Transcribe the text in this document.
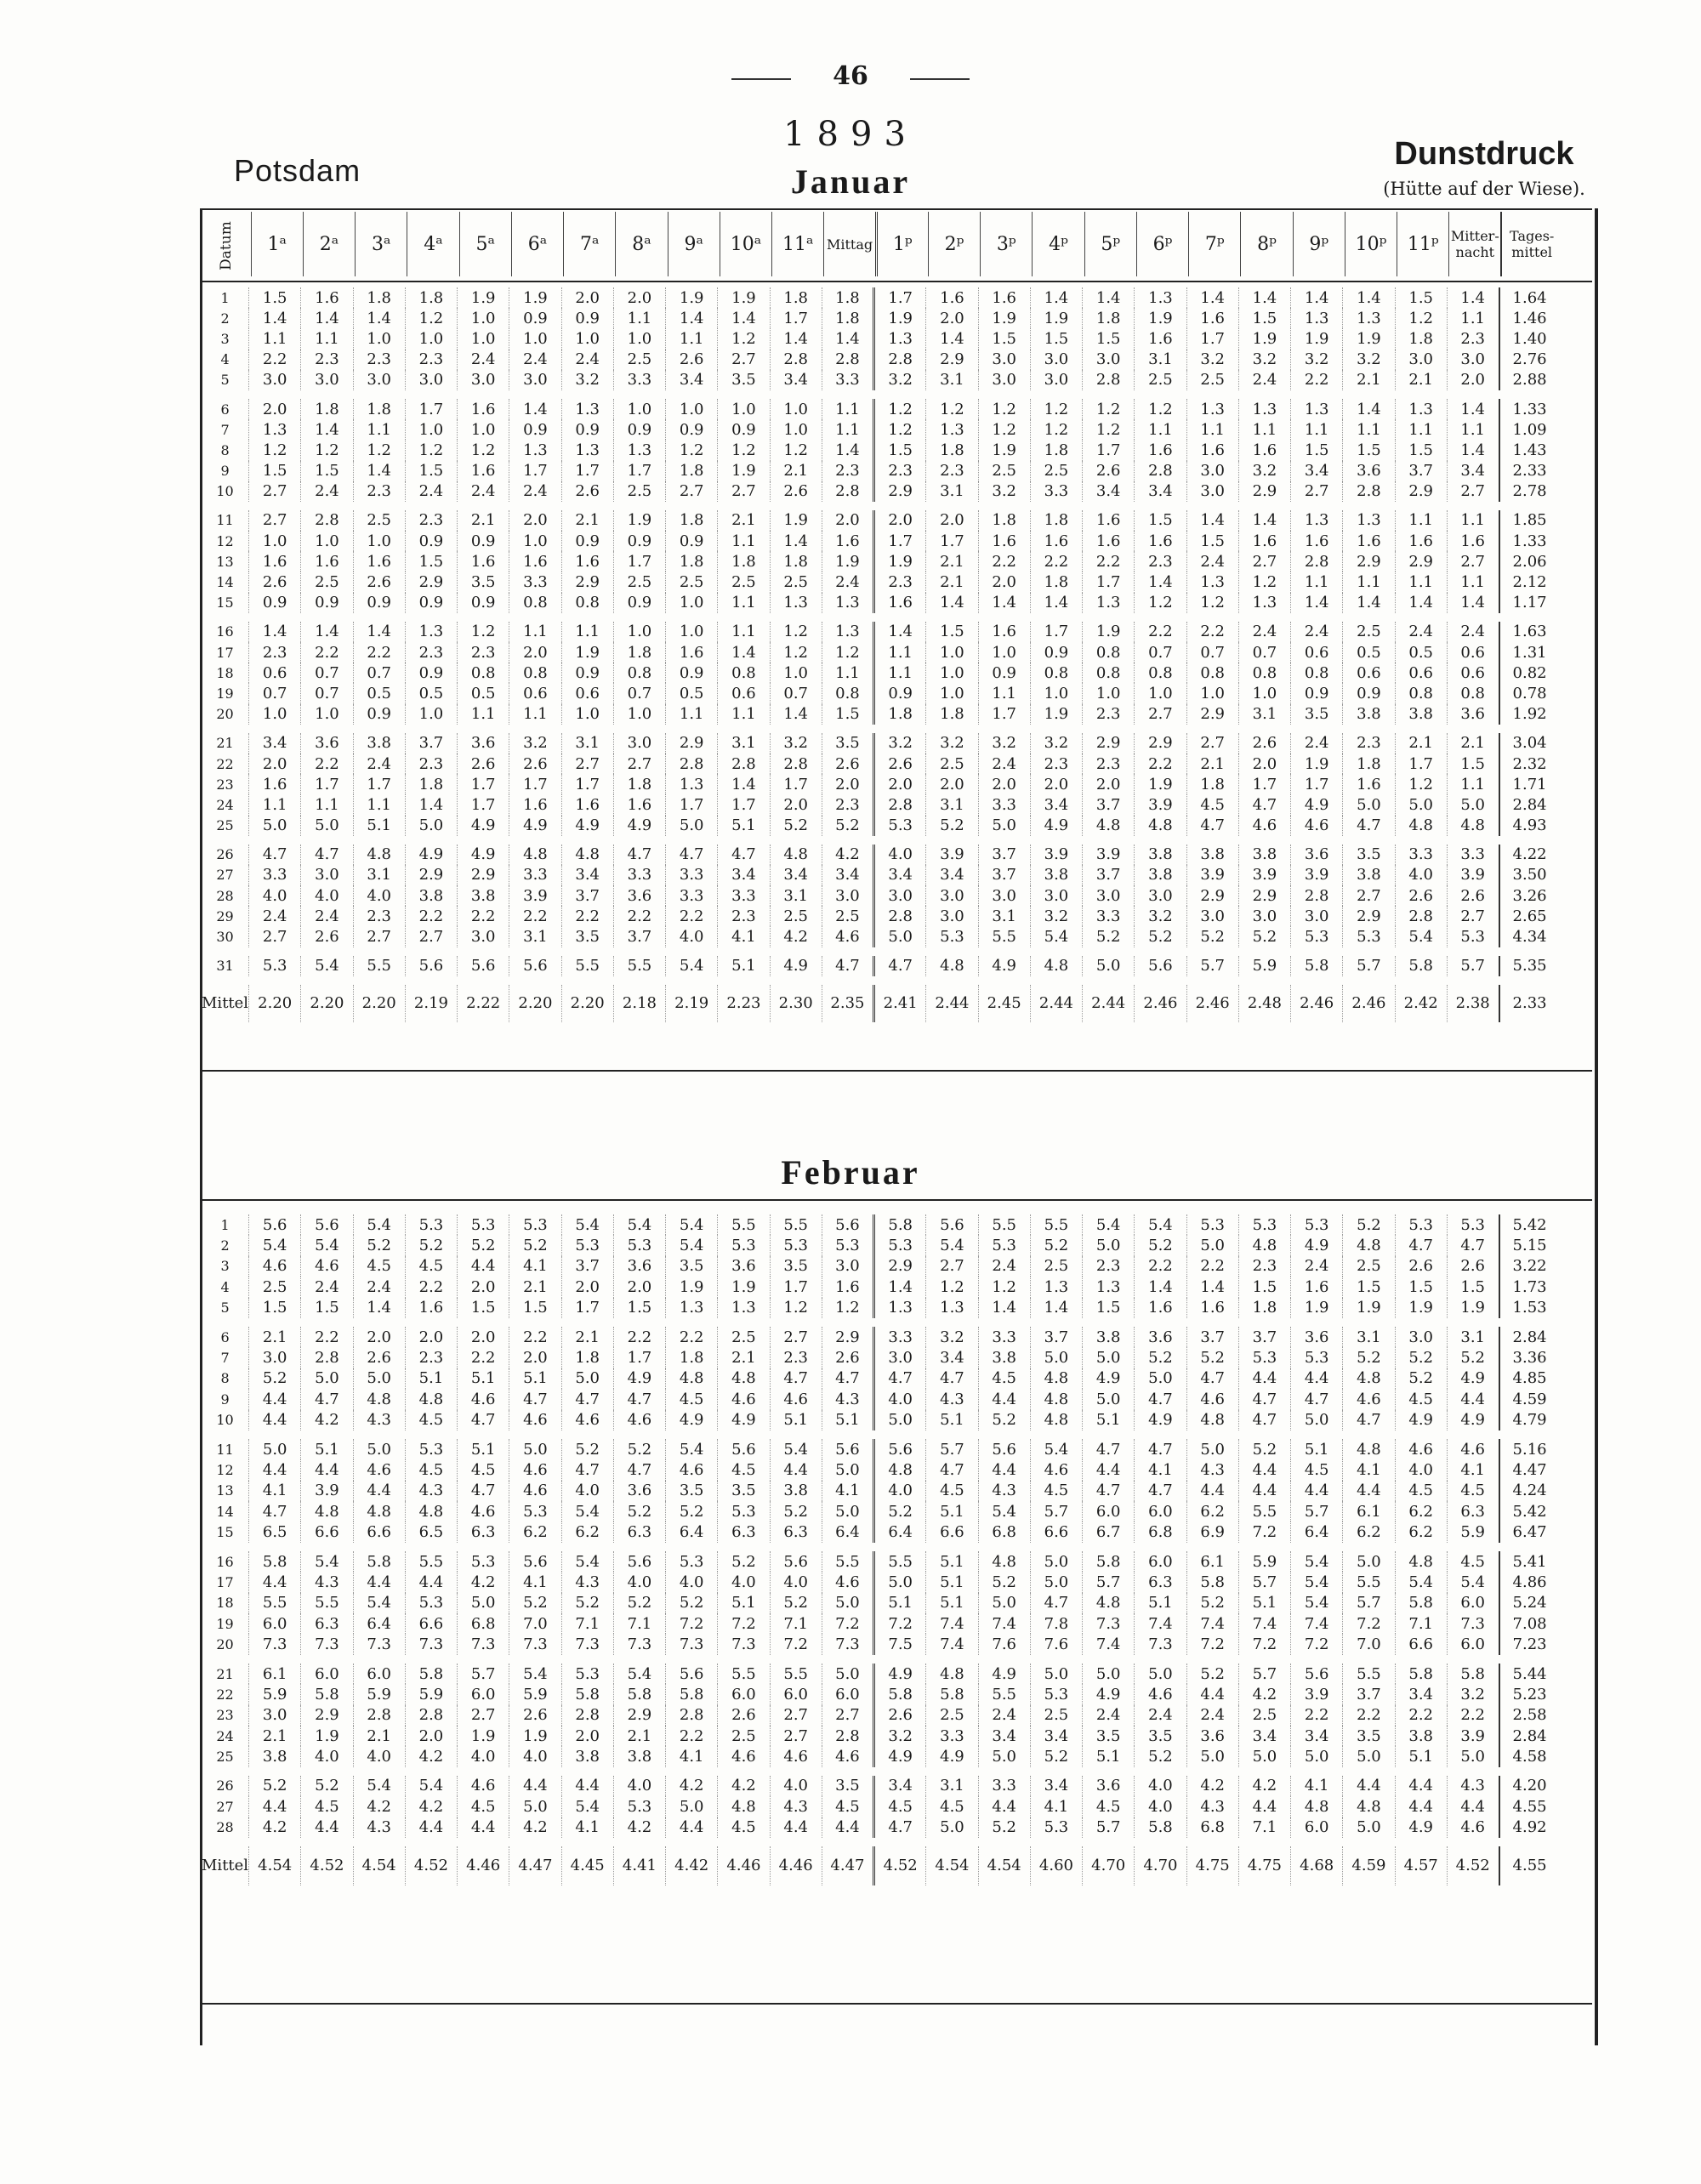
46
1893
Potsdam	Dunstdruck
(Hütte auf der Wiese).
Januar
Februar
Datum	1ᵃ	2ᵃ	3ᵃ	4ᵃ	5ᵃ	6ᵃ	7ᵃ	8ᵃ	9ᵃ	10ᵃ	11ᵃ	Mittag	1ᵖ	2ᵖ	3ᵖ	4ᵖ	5ᵖ	6ᵖ	7ᵖ	8ᵖ	9ᵖ	10ᵖ	11ᵖ	Mitter-nacht	Tages-mittel
1	1.5	1.6	1.8	1.8	1.9	1.9	2.0	2.0	1.9	1.9	1.8	1.8	1.7	1.6	1.6	1.4	1.4	1.3	1.4	1.4	1.4	1.4	1.5	1.4	1.64
2	1.4	1.4	1.4	1.2	1.0	0.9	0.9	1.1	1.4	1.4	1.7	1.8	1.9	2.0	1.9	1.9	1.8	1.9	1.6	1.5	1.3	1.3	1.2	1.1	1.46
3	1.1	1.1	1.0	1.0	1.0	1.0	1.0	1.0	1.1	1.2	1.4	1.4	1.3	1.4	1.5	1.5	1.5	1.6	1.7	1.9	1.9	1.9	1.8	2.3	1.40
4	2.2	2.3	2.3	2.3	2.4	2.4	2.4	2.5	2.6	2.7	2.8	2.8	2.8	2.9	3.0	3.0	3.0	3.1	3.2	3.2	3.2	3.2	3.0	3.0	2.76
5	3.0	3.0	3.0	3.0	3.0	3.0	3.2	3.3	3.4	3.5	3.4	3.3	3.2	3.1	3.0	3.0	2.8	2.5	2.5	2.4	2.2	2.1	2.1	2.0	2.88

6	2.0	1.8	1.8	1.7	1.6	1.4	1.3	1.0	1.0	1.0	1.0	1.1	1.2	1.2	1.2	1.2	1.2	1.2	1.3	1.3	1.3	1.4	1.3	1.4	1.33
7	1.3	1.4	1.1	1.0	1.0	0.9	0.9	0.9	0.9	0.9	1.0	1.1	1.2	1.3	1.2	1.2	1.2	1.1	1.1	1.1	1.1	1.1	1.1	1.1	1.09
8	1.2	1.2	1.2	1.2	1.2	1.3	1.3	1.3	1.2	1.2	1.2	1.4	1.5	1.8	1.9	1.8	1.7	1.6	1.6	1.6	1.5	1.5	1.5	1.4	1.43
9	1.5	1.5	1.4	1.5	1.6	1.7	1.7	1.7	1.8	1.9	2.1	2.3	2.3	2.3	2.5	2.5	2.6	2.8	3.0	3.2	3.4	3.6	3.7	3.4	2.33
10	2.7	2.4	2.3	2.4	2.4	2.4	2.6	2.5	2.7	2.7	2.6	2.8	2.9	3.1	3.2	3.3	3.4	3.4	3.0	2.9	2.7	2.8	2.9	2.7	2.78

11	2.7	2.8	2.5	2.3	2.1	2.0	2.1	1.9	1.8	2.1	1.9	2.0	2.0	2.0	1.8	1.8	1.6	1.5	1.4	1.4	1.3	1.3	1.1	1.1	1.85
12	1.0	1.0	1.0	0.9	0.9	1.0	0.9	0.9	0.9	1.1	1.4	1.6	1.7	1.7	1.6	1.6	1.6	1.6	1.5	1.6	1.6	1.6	1.6	1.6	1.33
13	1.6	1.6	1.6	1.5	1.6	1.6	1.6	1.7	1.8	1.8	1.8	1.9	1.9	2.1	2.2	2.2	2.2	2.3	2.4	2.7	2.8	2.9	2.9	2.7	2.06
14	2.6	2.5	2.6	2.9	3.5	3.3	2.9	2.5	2.5	2.5	2.5	2.4	2.3	2.1	2.0	1.8	1.7	1.4	1.3	1.2	1.1	1.1	1.1	1.1	2.12
15	0.9	0.9	0.9	0.9	0.9	0.8	0.8	0.9	1.0	1.1	1.3	1.3	1.6	1.4	1.4	1.4	1.3	1.2	1.2	1.3	1.4	1.4	1.4	1.4	1.17

16	1.4	1.4	1.4	1.3	1.2	1.1	1.1	1.0	1.0	1.1	1.2	1.3	1.4	1.5	1.6	1.7	1.9	2.2	2.2	2.4	2.4	2.5	2.4	2.4	1.63
17	2.3	2.2	2.2	2.3	2.3	2.0	1.9	1.8	1.6	1.4	1.2	1.2	1.1	1.0	1.0	0.9	0.8	0.7	0.7	0.7	0.6	0.5	0.5	0.6	1.31
18	0.6	0.7	0.7	0.9	0.8	0.8	0.9	0.8	0.9	0.8	1.0	1.1	1.1	1.0	0.9	0.8	0.8	0.8	0.8	0.8	0.8	0.6	0.6	0.6	0.82
19	0.7	0.7	0.5	0.5	0.5	0.6	0.6	0.7	0.5	0.6	0.7	0.8	0.9	1.0	1.1	1.0	1.0	1.0	1.0	1.0	0.9	0.9	0.8	0.8	0.78
20	1.0	1.0	0.9	1.0	1.1	1.1	1.0	1.0	1.1	1.1	1.4	1.5	1.8	1.8	1.7	1.9	2.3	2.7	2.9	3.1	3.5	3.8	3.8	3.6	1.92

21	3.4	3.6	3.8	3.7	3.6	3.2	3.1	3.0	2.9	3.1	3.2	3.5	3.2	3.2	3.2	3.2	2.9	2.9	2.7	2.6	2.4	2.3	2.1	2.1	3.04
22	2.0	2.2	2.4	2.3	2.6	2.6	2.7	2.7	2.8	2.8	2.8	2.6	2.6	2.5	2.4	2.3	2.3	2.2	2.1	2.0	1.9	1.8	1.7	1.5	2.32
23	1.6	1.7	1.7	1.8	1.7	1.7	1.7	1.8	1.3	1.4	1.7	2.0	2.0	2.0	2.0	2.0	2.0	1.9	1.8	1.7	1.7	1.6	1.2	1.1	1.71
24	1.1	1.1	1.1	1.4	1.7	1.6	1.6	1.6	1.7	1.7	2.0	2.3	2.8	3.1	3.3	3.4	3.7	3.9	4.5	4.7	4.9	5.0	5.0	5.0	2.84
25	5.0	5.0	5.1	5.0	4.9	4.9	4.9	4.9	5.0	5.1	5.2	5.2	5.3	5.2	5.0	4.9	4.8	4.8	4.7	4.6	4.6	4.7	4.8	4.8	4.93

26	4.7	4.7	4.8	4.9	4.9	4.8	4.8	4.7	4.7	4.7	4.8	4.2	4.0	3.9	3.7	3.9	3.9	3.8	3.8	3.8	3.6	3.5	3.3	3.3	4.22
27	3.3	3.0	3.1	2.9	2.9	3.3	3.4	3.3	3.3	3.4	3.4	3.4	3.4	3.4	3.7	3.8	3.7	3.8	3.9	3.9	3.9	3.8	4.0	3.9	3.50
28	4.0	4.0	4.0	3.8	3.8	3.9	3.7	3.6	3.3	3.3	3.1	3.0	3.0	3.0	3.0	3.0	3.0	3.0	2.9	2.9	2.8	2.7	2.6	2.6	3.26
29	2.4	2.4	2.3	2.2	2.2	2.2	2.2	2.2	2.2	2.3	2.5	2.5	2.8	3.0	3.1	3.2	3.3	3.2	3.0	3.0	3.0	2.9	2.8	2.7	2.65
30	2.7	2.6	2.7	2.7	3.0	3.1	3.5	3.7	4.0	4.1	4.2	4.6	5.0	5.3	5.5	5.4	5.2	5.2	5.2	5.2	5.3	5.3	5.4	5.3	4.34

31	5.3	5.4	5.5	5.6	5.6	5.6	5.5	5.5	5.4	5.1	4.9	4.7	4.7	4.8	4.9	4.8	5.0	5.6	5.7	5.9	5.8	5.7	5.8	5.7	5.35

Mittel	2.20	2.20	2.20	2.19	2.22	2.20	2.20	2.18	2.19	2.23	2.30	2.35	2.41	2.44	2.45	2.44	2.44	2.46	2.46	2.48	2.46	2.46	2.42	2.38	2.33
1	5.6	5.6	5.4	5.3	5.3	5.3	5.4	5.4	5.4	5.5	5.5	5.6	5.8	5.6	5.5	5.5	5.4	5.4	5.3	5.3	5.3	5.2	5.3	5.3	5.42
2	5.4	5.4	5.2	5.2	5.2	5.2	5.3	5.3	5.4	5.3	5.3	5.3	5.3	5.4	5.3	5.2	5.0	5.2	5.0	4.8	4.9	4.8	4.7	4.7	5.15
3	4.6	4.6	4.5	4.5	4.4	4.1	3.7	3.6	3.5	3.6	3.5	3.0	2.9	2.7	2.4	2.5	2.3	2.2	2.2	2.3	2.4	2.5	2.6	2.6	3.22
4	2.5	2.4	2.4	2.2	2.0	2.1	2.0	2.0	1.9	1.9	1.7	1.6	1.4	1.2	1.2	1.3	1.3	1.4	1.4	1.5	1.6	1.5	1.5	1.5	1.73
5	1.5	1.5	1.4	1.6	1.5	1.5	1.7	1.5	1.3	1.3	1.2	1.2	1.3	1.3	1.4	1.4	1.5	1.6	1.6	1.8	1.9	1.9	1.9	1.9	1.53

6	2.1	2.2	2.0	2.0	2.0	2.2	2.1	2.2	2.2	2.5	2.7	2.9	3.3	3.2	3.3	3.7	3.8	3.6	3.7	3.7	3.6	3.1	3.0	3.1	2.84
7	3.0	2.8	2.6	2.3	2.2	2.0	1.8	1.7	1.8	2.1	2.3	2.6	3.0	3.4	3.8	5.0	5.0	5.2	5.2	5.3	5.3	5.2	5.2	5.2	3.36
8	5.2	5.0	5.0	5.1	5.1	5.1	5.0	4.9	4.8	4.8	4.7	4.7	4.7	4.7	4.5	4.8	4.9	5.0	4.7	4.4	4.4	4.8	5.2	4.9	4.85
9	4.4	4.7	4.8	4.8	4.6	4.7	4.7	4.7	4.5	4.6	4.6	4.3	4.0	4.3	4.4	4.8	5.0	4.7	4.6	4.7	4.7	4.6	4.5	4.4	4.59
10	4.4	4.2	4.3	4.5	4.7	4.6	4.6	4.6	4.9	4.9	5.1	5.1	5.0	5.1	5.2	4.8	5.1	4.9	4.8	4.7	5.0	4.7	4.9	4.9	4.79

11	5.0	5.1	5.0	5.3	5.1	5.0	5.2	5.2	5.4	5.6	5.4	5.6	5.6	5.7	5.6	5.4	4.7	4.7	5.0	5.2	5.1	4.8	4.6	4.6	5.16
12	4.4	4.4	4.6	4.5	4.5	4.6	4.7	4.7	4.6	4.5	4.4	5.0	4.8	4.7	4.4	4.6	4.4	4.1	4.3	4.4	4.5	4.1	4.0	4.1	4.47
13	4.1	3.9	4.4	4.3	4.7	4.6	4.0	3.6	3.5	3.5	3.8	4.1	4.0	4.5	4.3	4.5	4.7	4.7	4.4	4.4	4.4	4.4	4.5	4.5	4.24
14	4.7	4.8	4.8	4.8	4.6	5.3	5.4	5.2	5.2	5.3	5.2	5.0	5.2	5.1	5.4	5.7	6.0	6.0	6.2	5.5	5.7	6.1	6.2	6.3	5.42
15	6.5	6.6	6.6	6.5	6.3	6.2	6.2	6.3	6.4	6.3	6.3	6.4	6.4	6.6	6.8	6.6	6.7	6.8	6.9	7.2	6.4	6.2	6.2	5.9	6.47

16	5.8	5.4	5.8	5.5	5.3	5.6	5.4	5.6	5.3	5.2	5.6	5.5	5.5	5.1	4.8	5.0	5.8	6.0	6.1	5.9	5.4	5.0	4.8	4.5	5.41
17	4.4	4.3	4.4	4.4	4.2	4.1	4.3	4.0	4.0	4.0	4.0	4.6	5.0	5.1	5.2	5.0	5.7	6.3	5.8	5.7	5.4	5.5	5.4	5.4	4.86
18	5.5	5.5	5.4	5.3	5.0	5.2	5.2	5.2	5.2	5.1	5.2	5.0	5.1	5.1	5.0	4.7	4.8	5.1	5.2	5.1	5.4	5.7	5.8	6.0	5.24
19	6.0	6.3	6.4	6.6	6.8	7.0	7.1	7.1	7.2	7.2	7.1	7.2	7.2	7.4	7.4	7.8	7.3	7.4	7.4	7.4	7.4	7.2	7.1	7.3	7.08
20	7.3	7.3	7.3	7.3	7.3	7.3	7.3	7.3	7.3	7.3	7.2	7.3	7.5	7.4	7.6	7.6	7.4	7.3	7.2	7.2	7.2	7.0	6.6	6.0	7.23

21	6.1	6.0	6.0	5.8	5.7	5.4	5.3	5.4	5.6	5.5	5.5	5.0	4.9	4.8	4.9	5.0	5.0	5.0	5.2	5.7	5.6	5.5	5.8	5.8	5.44
22	5.9	5.8	5.9	5.9	6.0	5.9	5.8	5.8	5.8	6.0	6.0	6.0	5.8	5.8	5.5	5.3	4.9	4.6	4.4	4.2	3.9	3.7	3.4	3.2	5.23
23	3.0	2.9	2.8	2.8	2.7	2.6	2.8	2.9	2.8	2.6	2.7	2.7	2.6	2.5	2.4	2.5	2.4	2.4	2.4	2.5	2.2	2.2	2.2	2.2	2.58
24	2.1	1.9	2.1	2.0	1.9	1.9	2.0	2.1	2.2	2.5	2.7	2.8	3.2	3.3	3.4	3.4	3.5	3.5	3.6	3.4	3.4	3.5	3.8	3.9	2.84
25	3.8	4.0	4.0	4.2	4.0	4.0	3.8	3.8	4.1	4.6	4.6	4.6	4.9	4.9	5.0	5.2	5.1	5.2	5.0	5.0	5.0	5.0	5.1	5.0	4.58

26	5.2	5.2	5.4	5.4	4.6	4.4	4.4	4.0	4.2	4.2	4.0	3.5	3.4	3.1	3.3	3.4	3.6	4.0	4.2	4.2	4.1	4.4	4.4	4.3	4.20
27	4.4	4.5	4.2	4.2	4.5	5.0	5.4	5.3	5.0	4.8	4.3	4.5	4.5	4.5	4.4	4.1	4.5	4.0	4.3	4.4	4.8	4.8	4.4	4.4	4.55
28	4.2	4.4	4.3	4.4	4.4	4.2	4.1	4.2	4.4	4.5	4.4	4.4	4.7	5.0	5.2	5.3	5.7	5.8	6.8	7.1	6.0	5.0	4.9	4.6	4.92

Mittel	4.54	4.52	4.54	4.52	4.46	4.47	4.45	4.41	4.42	4.46	4.46	4.47	4.52	4.54	4.54	4.60	4.70	4.70	4.75	4.75	4.68	4.59	4.57	4.52	4.55
